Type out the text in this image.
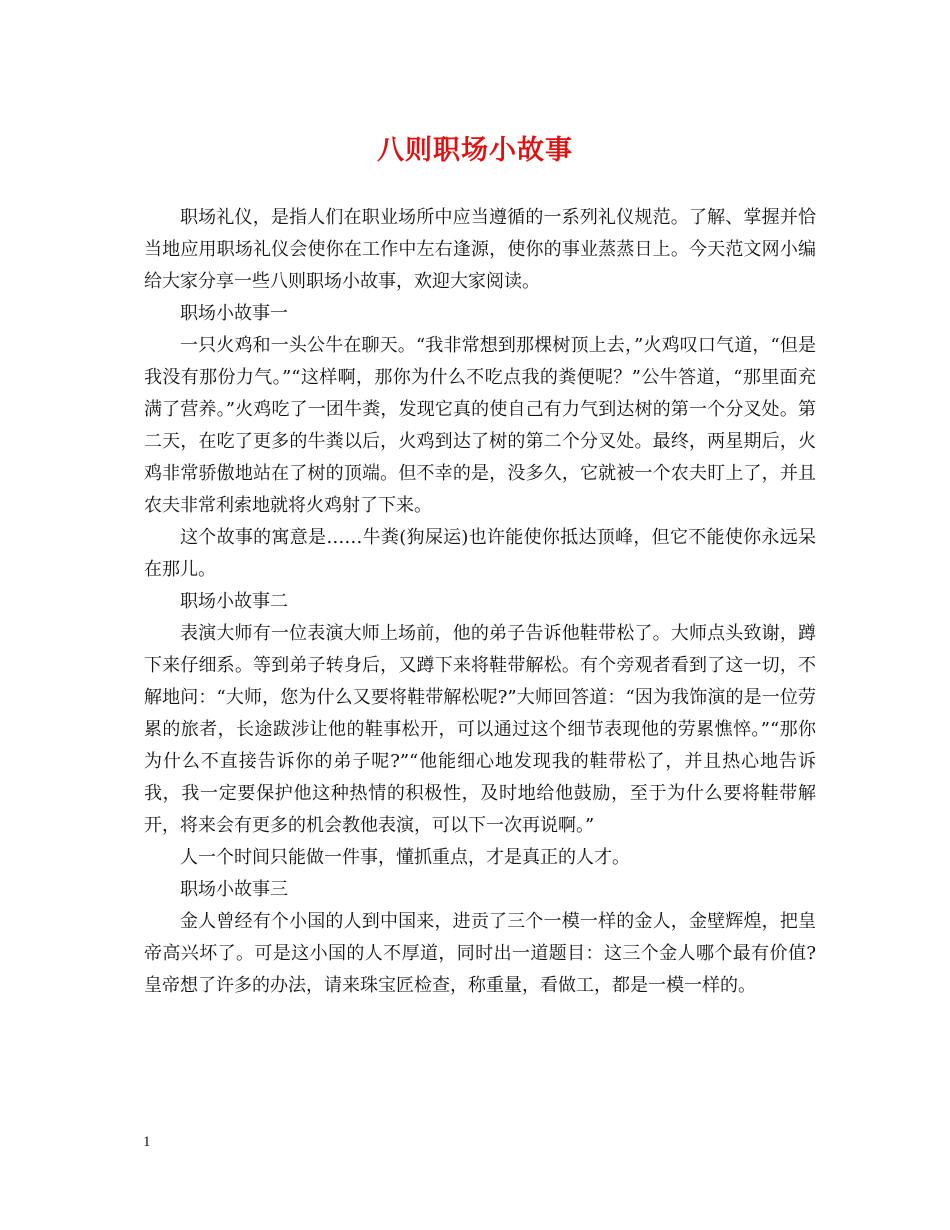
八则职场小故事

职场礼仪，是指人们在职业场所中应当遵循的一系列礼仪规范。了解、掌握并恰当地应用职场礼仪会使你在工作中左右逢源，使你的事业蒸蒸日上。今天范文网小编给大家分享一些八则职场小故事，欢迎大家阅读。

职场小故事一

一只火鸡和一头公牛在聊天。“我非常想到那棵树顶上去，”火鸡叹口气道，“但是我没有那份力气。”“这样啊，那你为什么不吃点我的粪便呢？”公牛答道，“那里面充满了营养。”火鸡吃了一团牛粪，发现它真的使自己有力气到达树的第一个分叉处。第二天，在吃了更多的牛粪以后，火鸡到达了树的第二个分叉处。最终，两星期后，火鸡非常骄傲地站在了树的顶端。但不幸的是，没多久，它就被一个农夫盯上了，并且农夫非常利索地就将火鸡射了下来。

这个故事的寓意是……牛粪(狗屎运)也许能使你抵达顶峰，但它不能使你永远呆在那儿。

职场小故事二

表演大师有一位表演大师上场前，他的弟子告诉他鞋带松了。大师点头致谢，蹲下来仔细系。等到弟子转身后，又蹲下来将鞋带解松。有个旁观者看到了这一切，不解地问：“大师，您为什么又要将鞋带解松呢?”大师回答道：“因为我饰演的是一位劳累的旅者，长途跋涉让他的鞋事松开，可以通过这个细节表现他的劳累憔悴。”“那你为什么不直接告诉你的弟子呢?”“他能细心地发现我的鞋带松了，并且热心地告诉我，我一定要保护他这种热情的积极性，及时地给他鼓励，至于为什么要将鞋带解开，将来会有更多的机会教他表演，可以下一次再说啊。”

人一个时间只能做一件事，懂抓重点，才是真正的人才。

职场小故事三

金人曾经有个小国的人到中国来，进贡了三个一模一样的金人，金壁辉煌，把皇帝高兴坏了。可是这小国的人不厚道，同时出一道题目：这三个金人哪个最有价值?皇帝想了许多的办法，请来珠宝匠检查，称重量，看做工，都是一模一样的。

1
